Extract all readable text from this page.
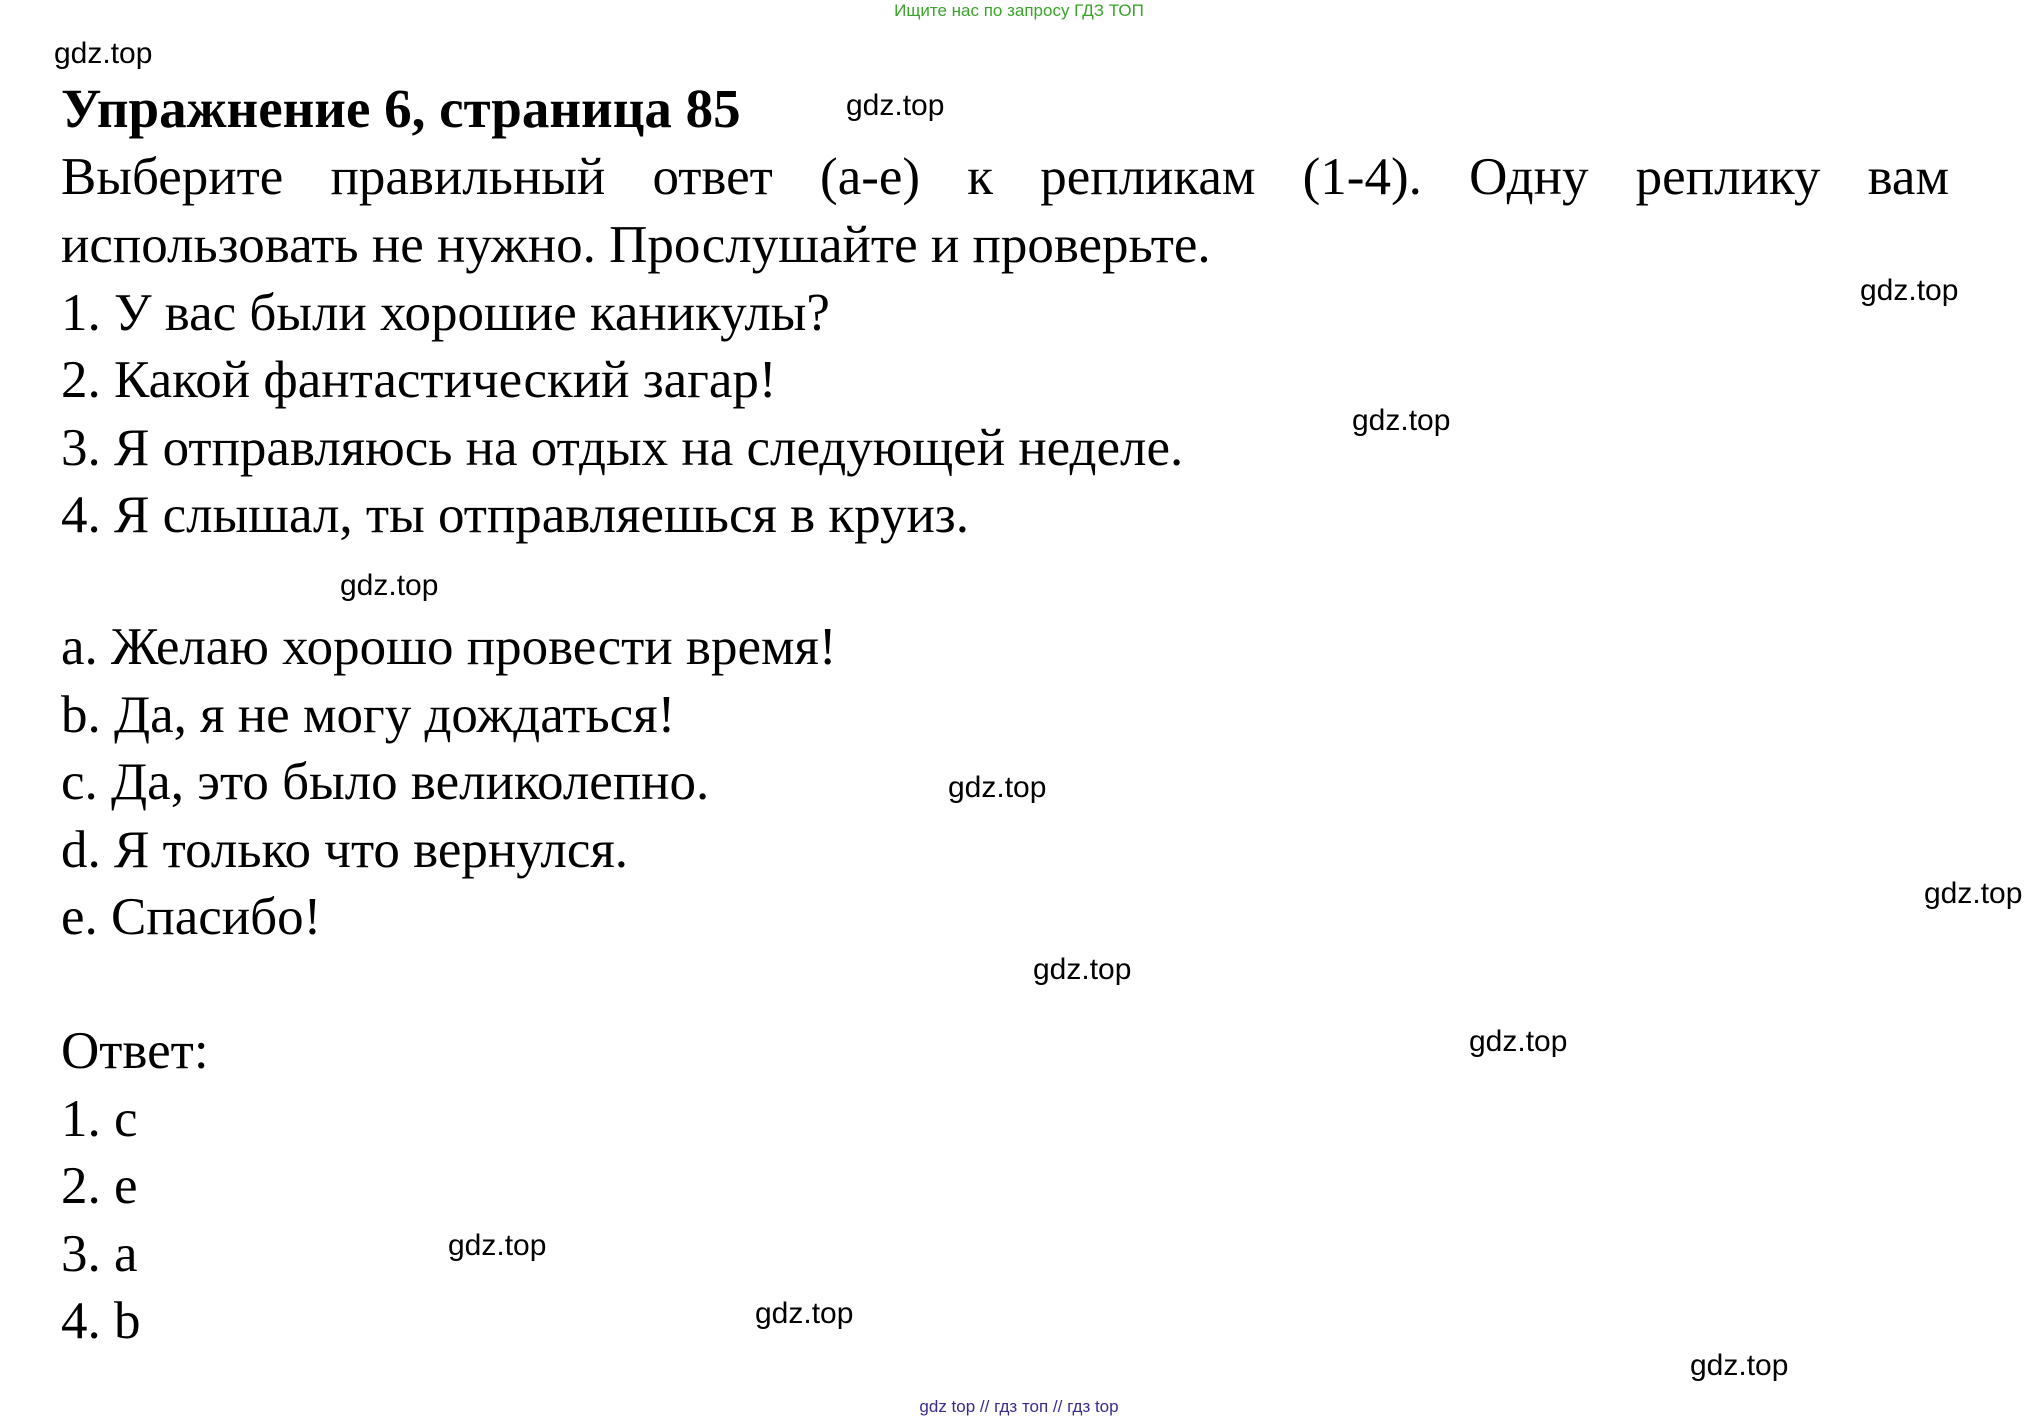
Ищите нас по запросу ГДЗ ТОП
gdz.top
gdz.top
gdz.top
gdz.top
gdz.top
gdz.top
gdz.top
gdz.top
gdz.top
gdz.top
gdz.top
gdz.top
Упражнение 6, страница 85
Выберите правильный ответ (a-e) к репликам (1-4). Одну реплику вам
использовать не нужно. Прослушайте и проверьте.
1. У вас были хорошие каникулы?
2. Какой фантастический загар!
3. Я отправляюсь на отдых на следующей неделе.
4. Я слышал, ты отправляешься в круиз.
a. Желаю хорошо провести время!
b. Да, я не могу дождаться!
c. Да, это было великолепно.
d. Я только что вернулся.
e. Спасибо!
Ответ:
1. c
2. e
3. a
4. b
gdz top // гдз топ // гдз top
